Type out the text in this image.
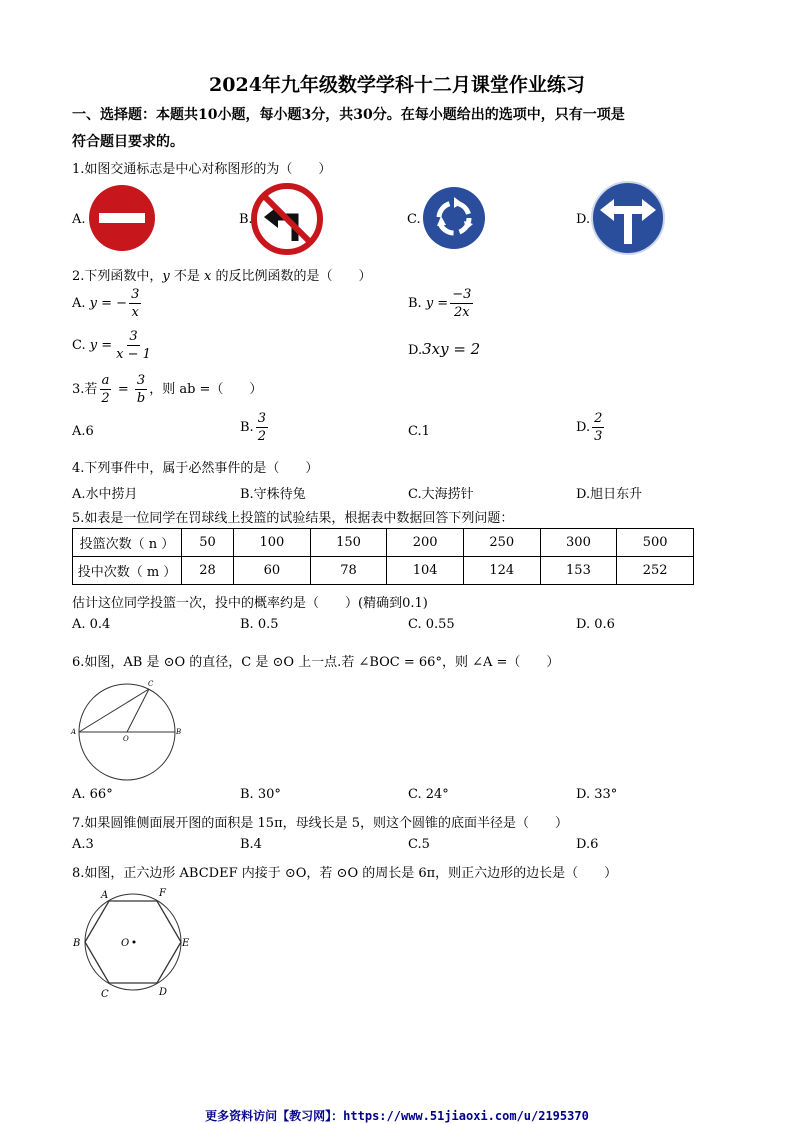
2024年九年级数学学科十二月课堂作业练习
一、选择题：本题共10小题，每小题3分，共30分。在每小题给出的选项中，只有一项是
符合题目要求的。
1.如图交通标志是中心对称图形的为（　　）
A.	B.	C.	D.
2.下列函数中，y 不是 x 的反比例函数的是（　　）
A. y = − $\frac{3}{x}$	B. $y = \frac{-3}{2x}$
C. $y = \frac{3}{x - 1}$	D.3xy = 2
3.若 $\frac{a}{2} = \frac{3}{b}$ ，则 ab =（　　）
A.6	B. $\frac{3}{2}$	C.1	D. $\frac{2}{3}$
4.下列事件中，属于必然事件的是（　　）
A.水中捞月	B.守株待兔	C.大海捞针	D.旭日东升
5.如表是一位同学在罚球线上投篮的试验结果，根据表中数据回答下列问题：
投篮次数（ n ）	50	100	150	200	250	300	500
投中次数（ m ）	28	60	78	104	124	153	252
估计这位同学投篮一次，投中的概率约是（　　）(精确到0.1)
A. 0.4	B. 0.5	C. 0.55	D. 0.6
6.如图，AB 是 ⊙O 的直径，C 是 ⊙O 上一点.若 ∠BOC = 66°，则 ∠A =（　　）
A	B
C
O
A. 66°	B. 30°	C. 24°	D. 33°
7.如果圆锥侧面展开图的面积是 15π，母线长是 5，则这个圆锥的底面半径是（　　）
A.3	B.4	C.5	D.6
8.如图，正六边形 ABCDEF 内接于 ⊙O，若 ⊙O 的周长是 6π，则正六边形的边长是（　　）
A	F
B	E
C	D
O
更多资料访问【教习网】：https://www.51jiaoxi.com/u/2195370
